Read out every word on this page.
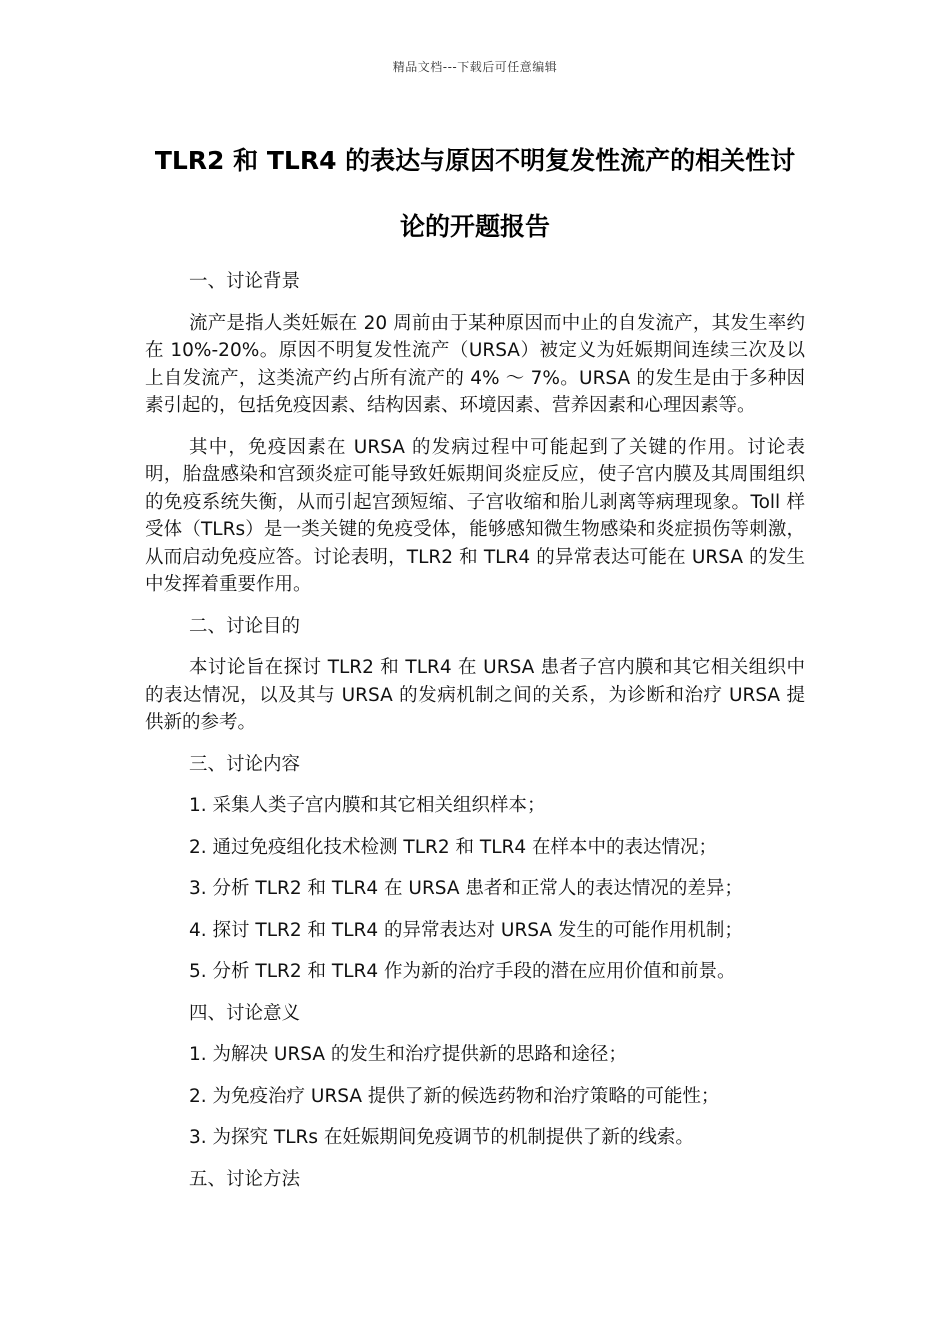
精品文档---下载后可任意编辑
TLR2 和 TLR4 的表达与原因不明复发性流产的相关性讨论的开题报告
一、讨论背景

流产是指人类妊娠在 20 周前由于某种原因而中止的自发流产，其发生率约在 10%-20%。原因不明复发性流产（URSA）被定义为妊娠期间连续三次及以上自发流产，这类流产约占所有流产的 4% ～ 7%。URSA 的发生是由于多种因素引起的，包括免疫因素、结构因素、环境因素、营养因素和心理因素等。

其中，免疫因素在 URSA 的发病过程中可能起到了关键的作用。讨论表明，胎盘感染和宫颈炎症可能导致妊娠期间炎症反应，使子宫内膜及其周围组织的免疫系统失衡，从而引起宫颈短缩、子宫收缩和胎儿剥离等病理现象。Toll 样受体（TLRs）是一类关键的免疫受体，能够感知微生物感染和炎症损伤等刺激，从而启动免疫应答。讨论表明，TLR2 和 TLR4 的异常表达可能在 URSA 的发生中发挥着重要作用。

二、讨论目的

本讨论旨在探讨 TLR2 和 TLR4 在 URSA 患者子宫内膜和其它相关组织中的表达情况，以及其与 URSA 的发病机制之间的关系，为诊断和治疗 URSA 提供新的参考。

三、讨论内容
1. 采集人类子宫内膜和其它相关组织样本；
2. 通过免疫组化技术检测 TLR2 和 TLR4 在样本中的表达情况；
3. 分析 TLR2 和 TLR4 在 URSA 患者和正常人的表达情况的差异；
4. 探讨 TLR2 和 TLR4 的异常表达对 URSA 发生的可能作用机制；
5. 分析 TLR2 和 TLR4 作为新的治疗手段的潜在应用价值和前景。
四、讨论意义
1. 为解决 URSA 的发生和治疗提供新的思路和途径；
2. 为免疫治疗 URSA 提供了新的候选药物和治疗策略的可能性；
3. 为探究 TLRs 在妊娠期间免疫调节的机制提供了新的线索。
五、讨论方法
